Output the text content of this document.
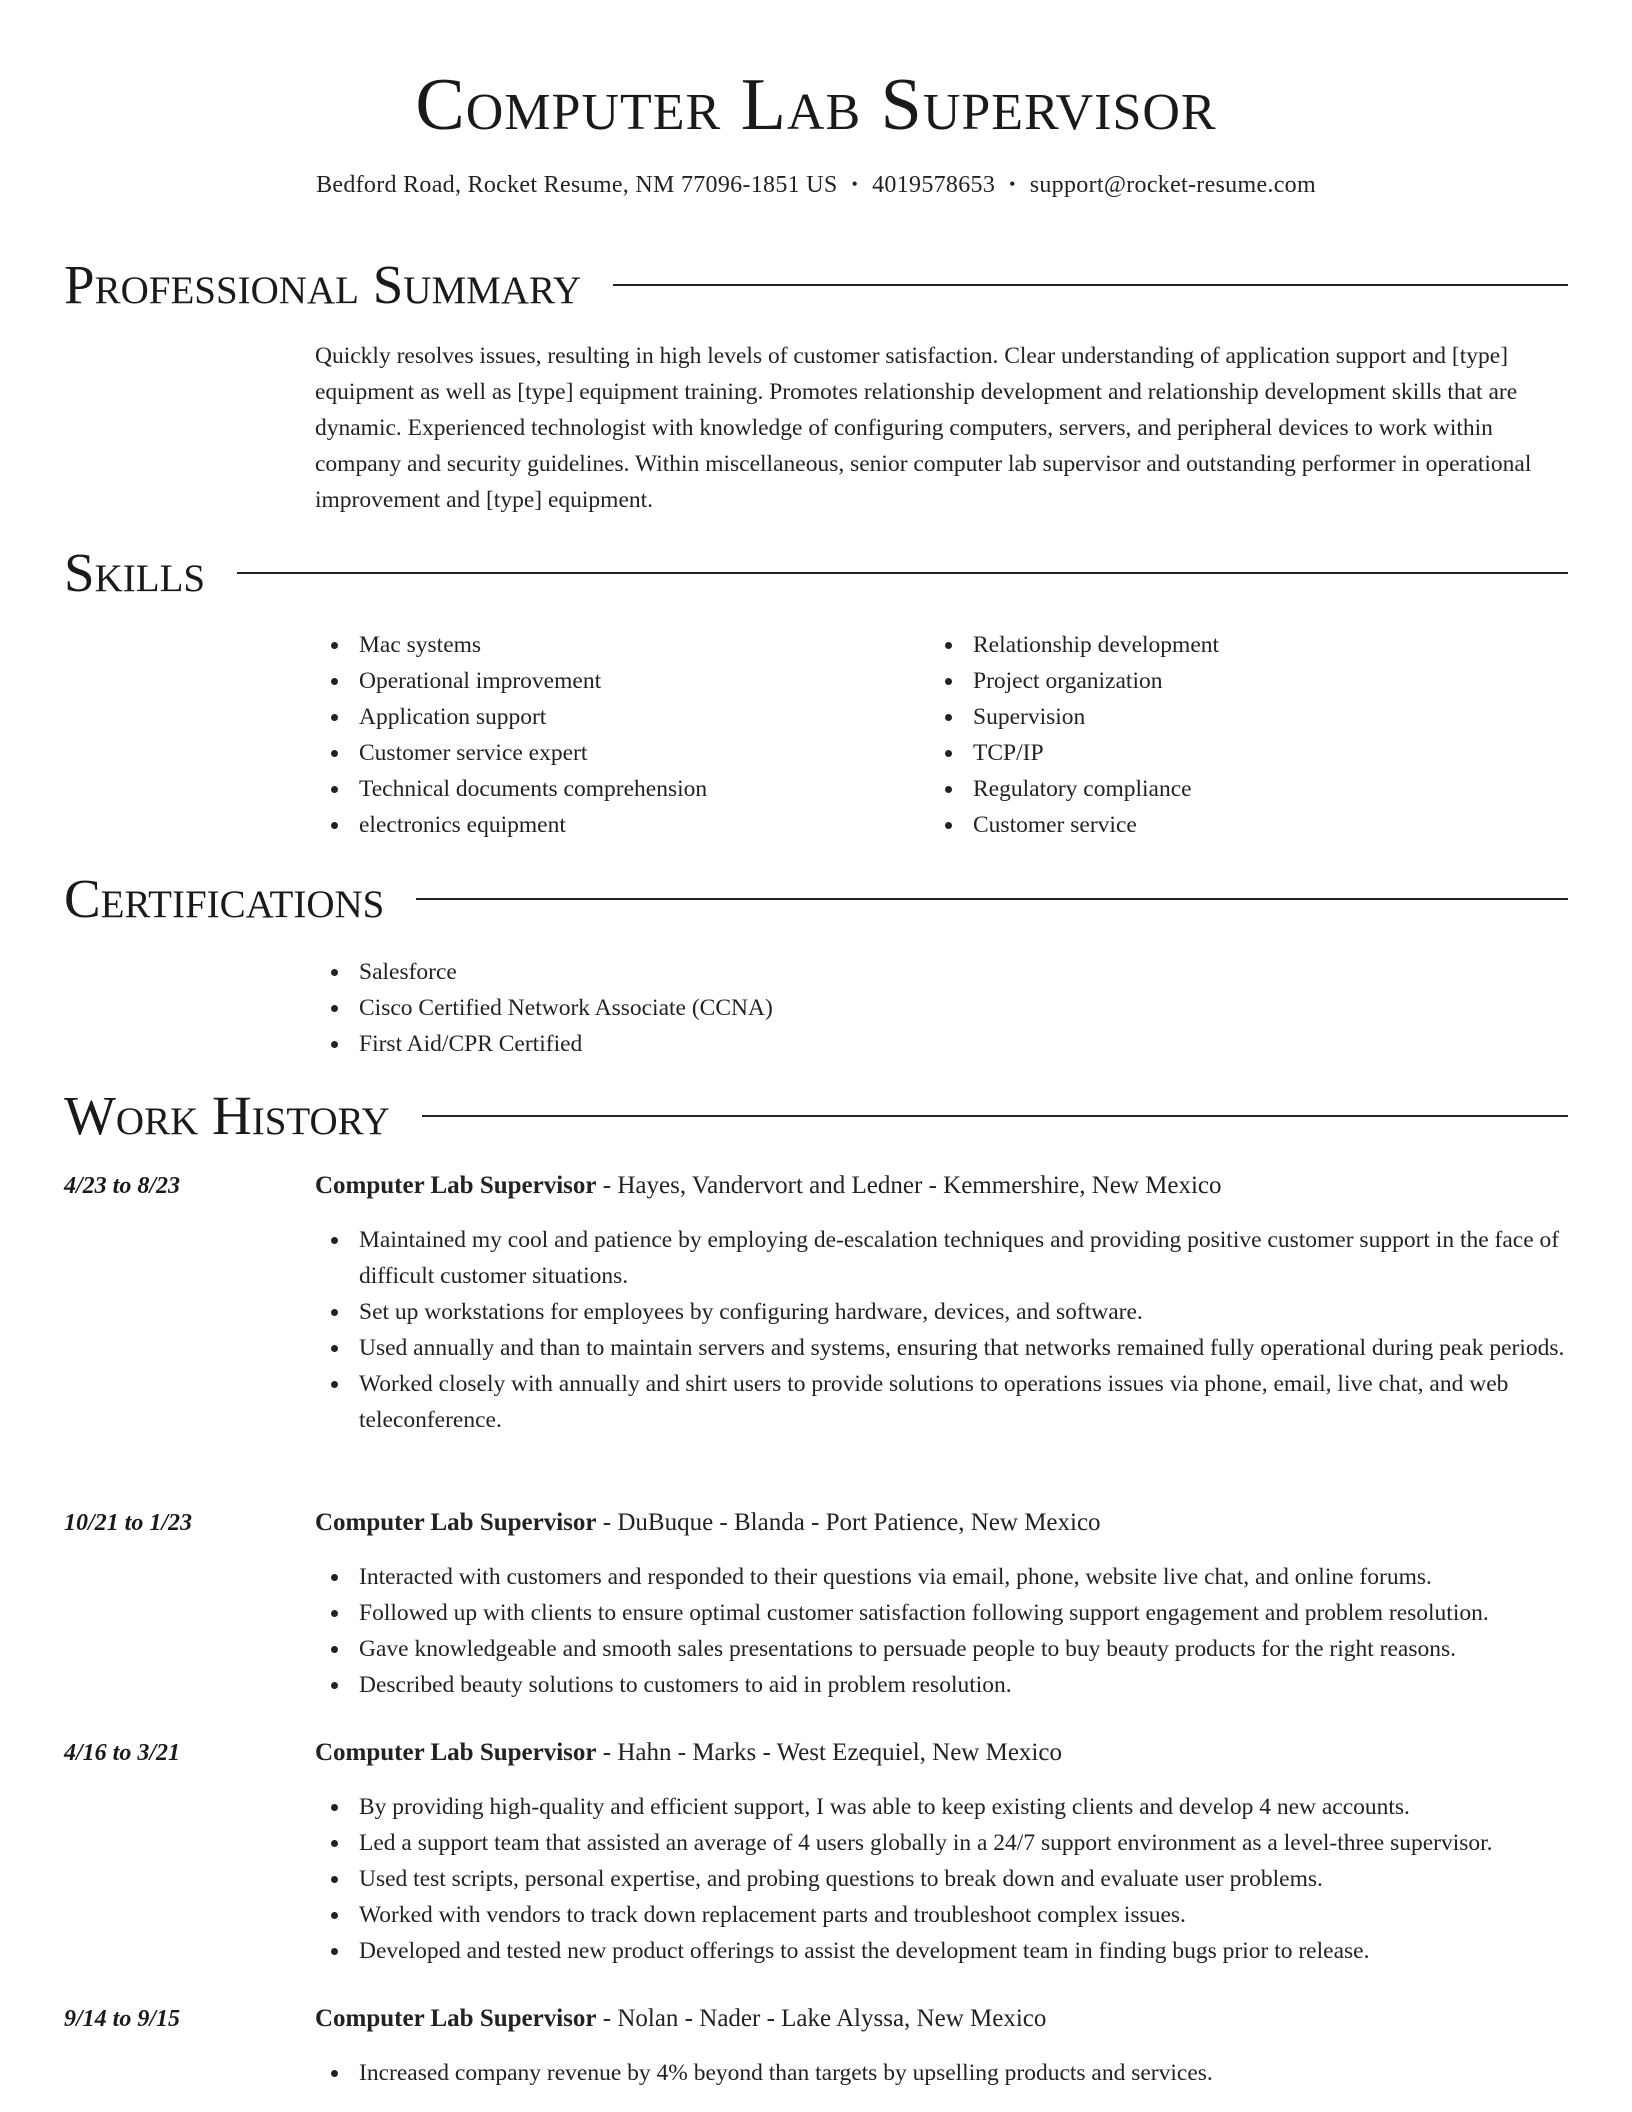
Computer Lab Supervisor
Bedford Road, Rocket Resume, NM 77096-1851 US • 4019578653 • support@rocket-resume.com
Professional Summary
Quickly resolves issues, resulting in high levels of customer satisfaction. Clear understanding of application support and [type] equipment as well as [type] equipment training. Promotes relationship development and relationship development skills that are dynamic. Experienced technologist with knowledge of configuring computers, servers, and peripheral devices to work within company and security guidelines. Within miscellaneous, senior computer lab supervisor and outstanding performer in operational improvement and [type] equipment.
Skills
Mac systems
Operational improvement
Application support
Customer service expert
Technical documents comprehension
electronics equipment
Relationship development
Project organization
Supervision
TCP/IP
Regulatory compliance
Customer service
Certifications
Salesforce
Cisco Certified Network Associate (CCNA)
First Aid/CPR Certified
Work History
4/23 to 8/23	Computer Lab Supervisor - Hayes, Vandervort and Ledner - Kemmershire, New Mexico
Maintained my cool and patience by employing de-escalation techniques and providing positive customer support in the face of difficult customer situations.
Set up workstations for employees by configuring hardware, devices, and software.
Used annually and than to maintain servers and systems, ensuring that networks remained fully operational during peak periods.
Worked closely with annually and shirt users to provide solutions to operations issues via phone, email, live chat, and web teleconference.
10/21 to 1/23	Computer Lab Supervisor - DuBuque - Blanda - Port Patience, New Mexico
Interacted with customers and responded to their questions via email, phone, website live chat, and online forums.
Followed up with clients to ensure optimal customer satisfaction following support engagement and problem resolution.
Gave knowledgeable and smooth sales presentations to persuade people to buy beauty products for the right reasons.
Described beauty solutions to customers to aid in problem resolution.
4/16 to 3/21	Computer Lab Supervisor - Hahn - Marks - West Ezequiel, New Mexico
By providing high-quality and efficient support, I was able to keep existing clients and develop 4 new accounts.
Led a support team that assisted an average of 4 users globally in a 24/7 support environment as a level-three supervisor.
Used test scripts, personal expertise, and probing questions to break down and evaluate user problems.
Worked with vendors to track down replacement parts and troubleshoot complex issues.
Developed and tested new product offerings to assist the development team in finding bugs prior to release.
9/14 to 9/15	Computer Lab Supervisor - Nolan - Nader - Lake Alyssa, New Mexico
Increased company revenue by 4% beyond than targets by upselling products and services.
